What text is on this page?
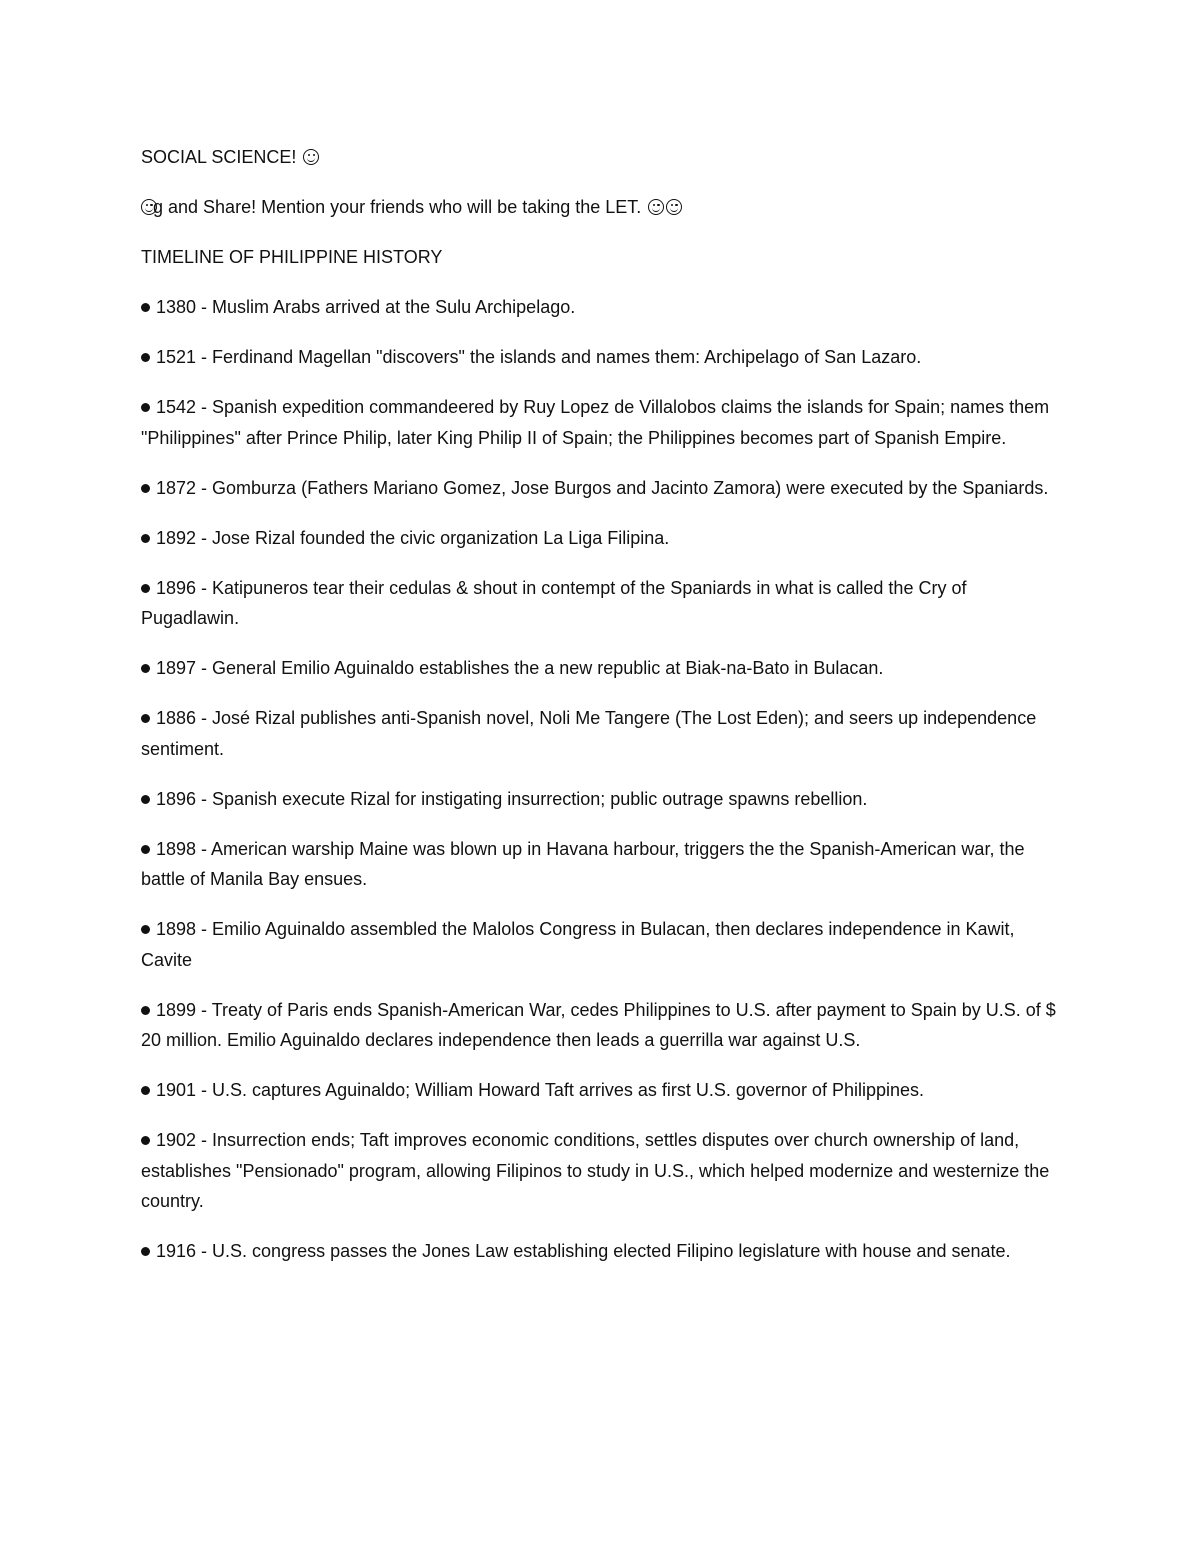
SOCIAL SCIENCE!

g and Share! Mention your friends who will be taking the LET.

TIMELINE OF PHILIPPINE HISTORY

1380 - Muslim Arabs arrived at the Sulu Archipelago.

1521 - Ferdinand Magellan "discovers" the islands and names them: Archipelago of San Lazaro.

1542 - Spanish expedition commandeered by Ruy Lopez de Villalobos claims the islands for Spain; names them "Philippines" after Prince Philip, later King Philip II of Spain; the Philippines becomes part of Spanish Empire.

1872 - Gomburza (Fathers Mariano Gomez, Jose Burgos and Jacinto Zamora) were executed by the Spaniards.

1892 - Jose Rizal founded the civic organization La Liga Filipina.

1896 - Katipuneros tear their cedulas & shout in contempt of the Spaniards in what is called the Cry of Pugadlawin.

1897 - General Emilio Aguinaldo establishes the a new republic at Biak-na-Bato in Bulacan.

1886 - José Rizal publishes anti-Spanish novel, Noli Me Tangere (The Lost Eden); and seers up independence sentiment.

1896 - Spanish execute Rizal for instigating insurrection; public outrage spawns rebellion.

1898 - American warship Maine was blown up in Havana harbour, triggers the the Spanish-American war, the battle of Manila Bay ensues.

1898 - Emilio Aguinaldo assembled the Malolos Congress in Bulacan, then declares independence in Kawit, Cavite

1899 - Treaty of Paris ends Spanish-American War, cedes Philippines to U.S. after payment to Spain by U.S. of $ 20 million. Emilio Aguinaldo declares independence then leads a guerrilla war against U.S.

1901 - U.S. captures Aguinaldo; William Howard Taft arrives as first U.S. governor of Philippines.

1902 - Insurrection ends; Taft improves economic conditions, settles disputes over church ownership of land, establishes "Pensionado" program, allowing Filipinos to study in U.S., which helped modernize and westernize the country.

1916 - U.S. congress passes the Jones Law establishing elected Filipino legislature with house and senate.
